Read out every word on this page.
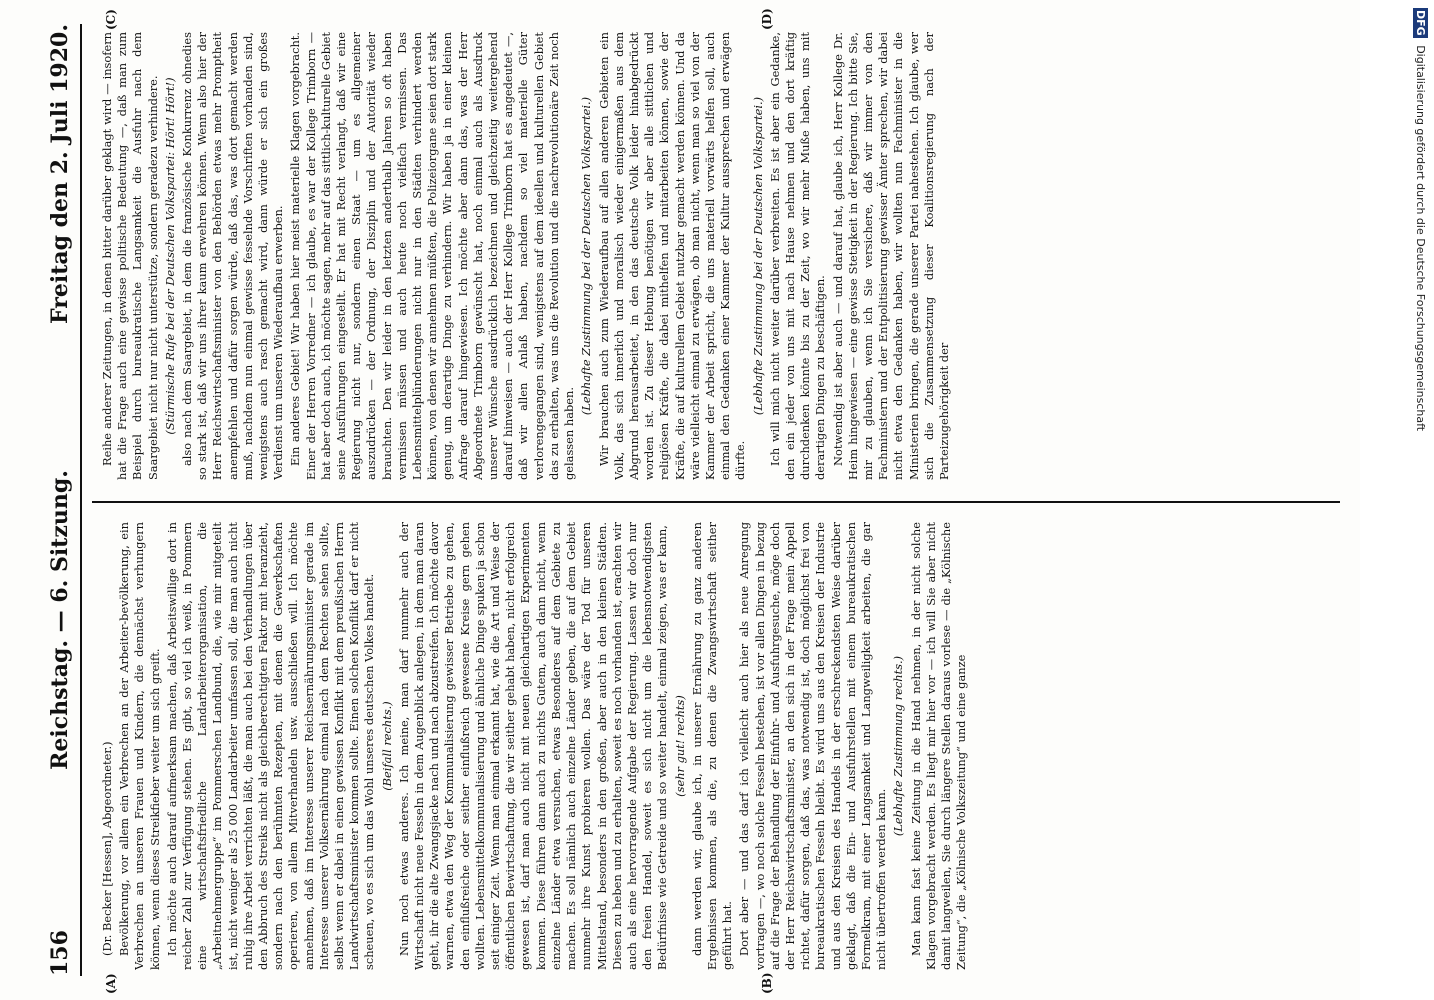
156
Reichstag. — 6. Sitzung.
Freitag den 2. Juli 1920.
(A)	(B)
(C)	(D)

(Dr. Becker [Hessen], Abgeordneter.) Bevölkerung, vor allem ein Verbrechen an der Arbeiter-bevölkerung, ein Verbrechen an unseren Frauen und Kindern, die dennächst verhungern können, wenn dieses Streikfieber weiter um sich greift. Ich möchte auch darauf aufmerksam machen, daß Arbeitswillige dort in reicher Zahl zur Verfügung stehen. Es gibt, so viel ich weiß, in Pommern eine wirtschaftsfriedliche Landarbeiterorganisation, die „Arbeitnehmergruppe“ im Pommerschen Landbund, die, wie mir mitgeteilt ist, nicht weniger als 25 000 Landarbeiter umfassen soll, die man auch nicht ruhig ihre Arbeit verrichten läßt, die man auch bei den Verhandlungen über den Abbruch des Streiks nicht als gleichberechtigten Faktor mit heranzieht, sondern nach den berühmten Rezepten, mit denen die Gewerkschaften operieren, von allem Mitverhandeln usw. ausschließen will. Ich möchte annehmen, daß im Interesse unserer Reichsernährungsminister gerade im Interesse unserer Volksernährung einmal nach dem Rechten sehen sollte, selbst wenn er dabei in einen gewissen Konflikt mit dem preußischen Herrn Landwirtschaftsminister kommen sollte. Einen solchen Konflikt darf er nicht scheuen, wo es sich um das Wohl unseres deutschen Volkes handelt. (Beifall rechts.) Nun noch etwas anderes. Ich meine, man darf nunmehr auch der Wirtschaft nicht neue Fesseln in dem Augenblick anlegen, in dem man daran geht, ihr die alte Zwangsjacke nach und nach abzustreifen. Ich möchte davor warnen, etwa den Weg der Kommunalisierung gewisser Betriebe zu gehen, den einflußreiche oder seither einflußreich gewesene Kreise gern gehen wollten. Lebensmittelkommunalisierung und ähnliche Dinge spuken ja schon seit einiger Zeit. Wenn man einmal erkannt hat, wie die Art und Weise der öffentlichen Bewirtschaftung, die wir seither gehabt haben, nicht erfolgreich gewesen ist, darf man auch nicht mit neuen gleichartigen Experimenten kommen. Diese führen dann auch zu nichts Gutem, auch dann nicht, wenn einzelne Länder etwa versuchen, etwas Besonderes auf dem Gebiete zu machen. Es soll nämlich auch einzelne Länder geben, die auf dem Gebiet nunmehr ihre Kunst probieren wollen. Das wäre der Tod für unseren Mittelstand, besonders in den großen, aber auch in den kleinen Städten. Diesen zu heben und zu erhalten, soweit es noch vorhanden ist, erachten wir auch als eine hervorragende Aufgabe der Regierung. Lassen wir doch nur den freien Handel, soweit es sich nicht um die lebensnotwendigsten Bedürfnisse wie Getreide und so weiter handelt, einmal zeigen, was er kann, (sehr gut! rechts) dann werden wir, glaube ich, in unserer Ernährung zu ganz anderen Ergebnissen kommen, als die, zu denen die Zwangswirtschaft seither geführt hat. Dort aber — und das darf ich vielleicht auch hier als neue Anregung vortragen —, wo noch solche Fesseln bestehen, ist vor allen Dingen in bezug auf die Frage der Behandlung der Einfuhr- und Ausfuhrgesuche, möge doch der Herr Reichswirtschaftsminister, an den sich in der Frage mein Appell richtet, dafür sorgen, daß das, was notwendig ist, doch möglichst frei von bureaukratischen Fesseln bleibt. Es wird uns aus den Kreisen der Industrie und aus den Kreisen des Handels in der erschreckendsten Weise darüber geklagt, daß die Ein- und Ausfuhrstellen mit einem bureaukratischen Formelkram, mit einer Langsamkeit und Langweiligkeit arbeiten, die gar nicht übertroffen werden kann.

(Lebhafte Zustimmung rechts.) Man kann fast keine Zeitung in die Hand nehmen, in der nicht solche Klagen vorgebracht werden. Es liegt mir hier vor — ich will Sie aber nicht damit langweilen, Sie durch längere Stellen daraus vorlese — die „Kölnische Zeitung“, die „Kölnische Volkszeitung“ und eine ganze

Reihe anderer Zeitungen, in denen bitter darüber geklagt wird — insofern hat die Frage auch eine gewisse politische Bedeutung —, daß man zum Beispiel durch bureaukratische Langsamkeit die Ausfuhr nach dem Saargebiet nicht nur nicht unterstütze, sondern geradezu verhindere. (Stürmische Rufe bei der Deutschen Volkspartei: Hört! Hört!) also nach dem Saargebiet, in dem die französische Konkurrenz ohnedies so stark ist, daß wir uns ihrer kaum erwehren können. Wenn also hier der Herr Reichswirtschaftsminister von den Behörden etwas mehr Promptheit anempfehlen und dafür sorgen würde, daß das, was dort gemacht werden muß, nachdem nun einmal gewisse fesselnde Vorschriften vorhanden sind, wenigstens auch rasch gemacht wird, dann würde er sich ein großes Verdienst um unseren Wiederaufbau erwerben. Ein anderes Gebiet! Wir haben hier meist materielle Klagen vorgebracht. Einer der Herren Vorredner — ich glaube, es war der Kollege Trimborn — hat aber doch auch, ich möchte sagen, mehr auf das sittlich-kulturelle Gebiet seine Ausführungen eingestellt. Er hat mit Recht verlangt, daß wir eine Regierung nicht nur, sondern einen Staat — um es allgemeiner auszudrücken — der Ordnung, der Disziplin und der Autorität wieder brauchten. Den wir leider in den letzten anderthalb Jahren so oft haben vermissen müssen und auch heute noch vielfach vermissen. Das Lebensmittelplünderungen nicht nur in den Städten verhindert werden können, von denen wir annehmen müßten, die Polizeiorgane seien dort stark genug, um derartige Dinge zu verhindern. Wir haben ja in einer kleinen Anfrage darauf hingewiesen. Ich möchte aber dann das, was der Herr Abgeordnete Trimborn gewünscht hat, noch einmal auch als Ausdruck unserer Wünsche ausdrücklich bezeichnen und gleichzeitig weitergehend darauf hinweisen — auch der Herr Kollege Trimborn hat es angedeutet —, daß wir allen Anlaß haben, nachdem so viel materielle Güter verlorengegangen sind, wenigstens auf dem ideellen und kulturellen Gebiet das zu erhalten, was uns die Revolution und die nachrevolutionäre Zeit noch gelassen haben.

(Lebhafte Zustimmung bei der Deutschen Volkspartei.) Wir brauchen auch zum Wiederaufbau auf allen anderen Gebieten ein Volk, das sich innerlich und moralisch wieder einigermaßen aus dem Abgrund herausarbeitet, in den das deutsche Volk leider hinabgedrückt worden ist. Zu dieser Hebung benötigen wir aber alle sittlichen und religiösen Kräfte, die dabei mithelfen und mitarbeiten können, sowie der Kräfte, die auf kulturellem Gebiet nutzbar gemacht werden können. Und da wäre vielleicht einmal zu erwägen, ob man nicht, wenn man so viel von der Kammer der Arbeit spricht, die uns materiell vorwärts helfen soll, auch einmal den Gedanken einer Kammer der Kultur aussprechen und erwägen dürfte.

(Lebhafte Zustimmung bei der Deutschen Volkspartei.) Ich will mich nicht weiter darüber verbreiten. Es ist aber ein Gedanke, den ein jeder von uns mit nach Hause nehmen und den dort kräftig durchdenken könnte bis zu der Zeit, wo wir mehr Muße haben, uns mit derartigen Dingen zu beschäftigen. Notwendig ist aber auch — und darauf hat, glaube ich, Herr Kollege Dr. Heim hingewiesen — eine gewisse Stetigkeit in der Regierung. Ich bitte Sie, mir zu glauben, wenn ich Sie versichere, daß wir immer von den Fachministern und der Entpolitisierung gewisser Ämter sprechen, wir dabei nicht etwa den Gedanken haben, wir wollten nun Fachminister in die Ministerien bringen, die gerade unserer Partei nahestehen. Ich glaube, wer sich die Zusammensetzung dieser Koalitionsregierung nach der Parteizugehörigkeit der

DFG Digitalisierung gefördert durch die Deutsche Forschungsgemeinschaft
